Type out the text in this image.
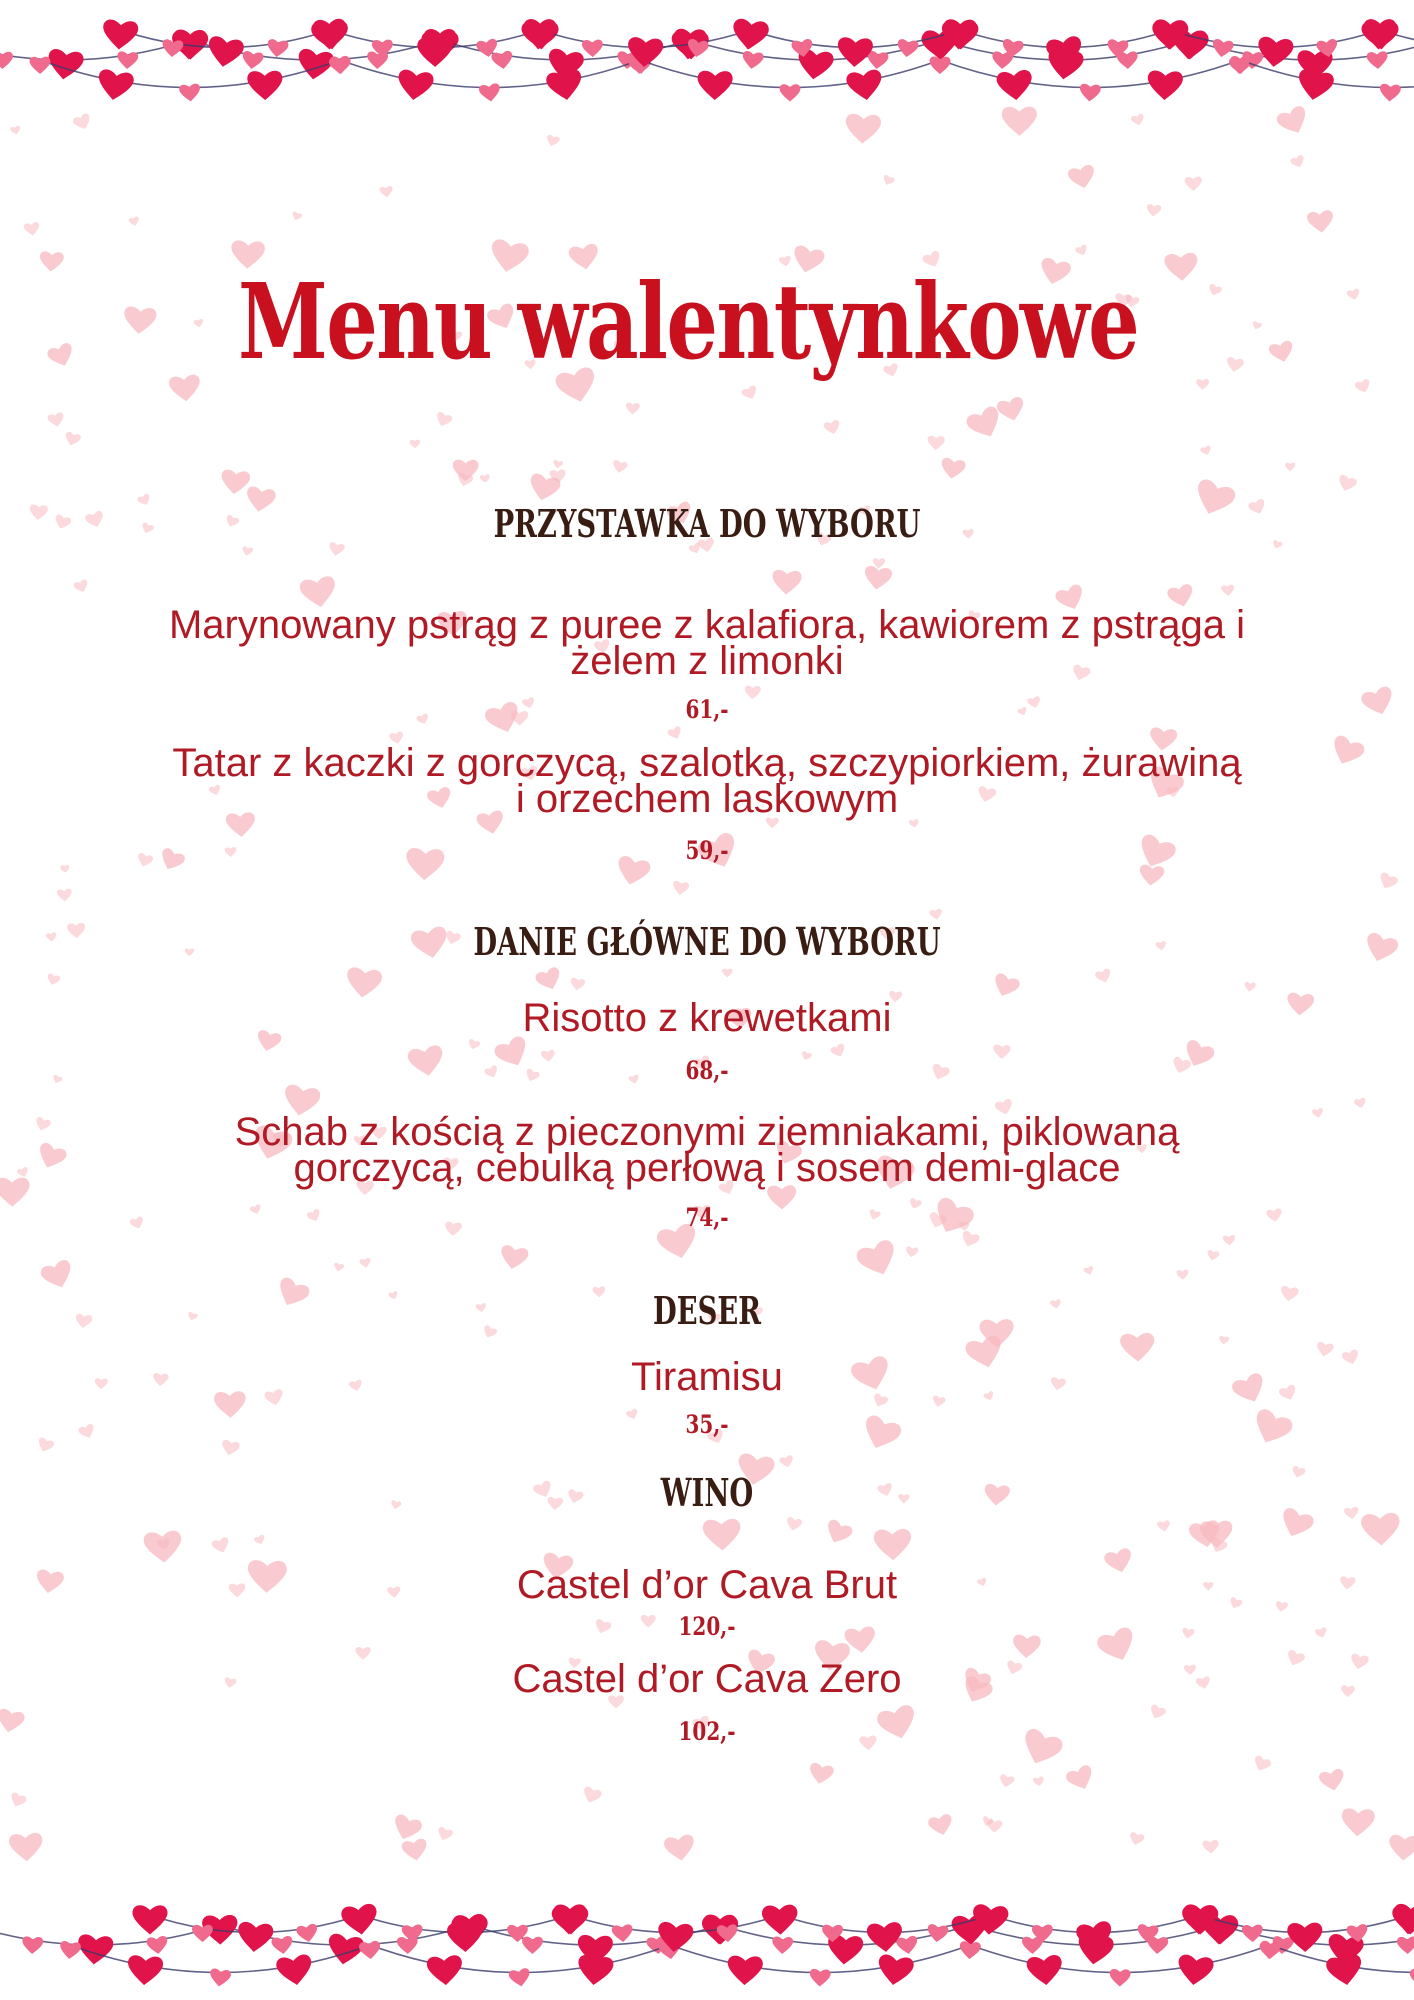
Menu walentynkowe
PRZYSTAWKA DO WYBORU
Marynowany pstrąg z puree z kalafiora, kawiorem z pstrąga i
żelem z limonki
61,-
Tatar z kaczki z gorczycą, szalotką, szczypiorkiem, żurawiną
i orzechem laskowym
59,-
DANIE GŁÓWNE DO WYBORU
Risotto z krewetkami
68,-
Schab z kością z pieczonymi ziemniakami, piklowaną
gorczycą, cebulką perłową i sosem demi-glace
74,-
DESER
Tiramisu
35,-
WINO
Castel d’or Cava Brut
120,-
Castel d’or Cava Zero
102,-
